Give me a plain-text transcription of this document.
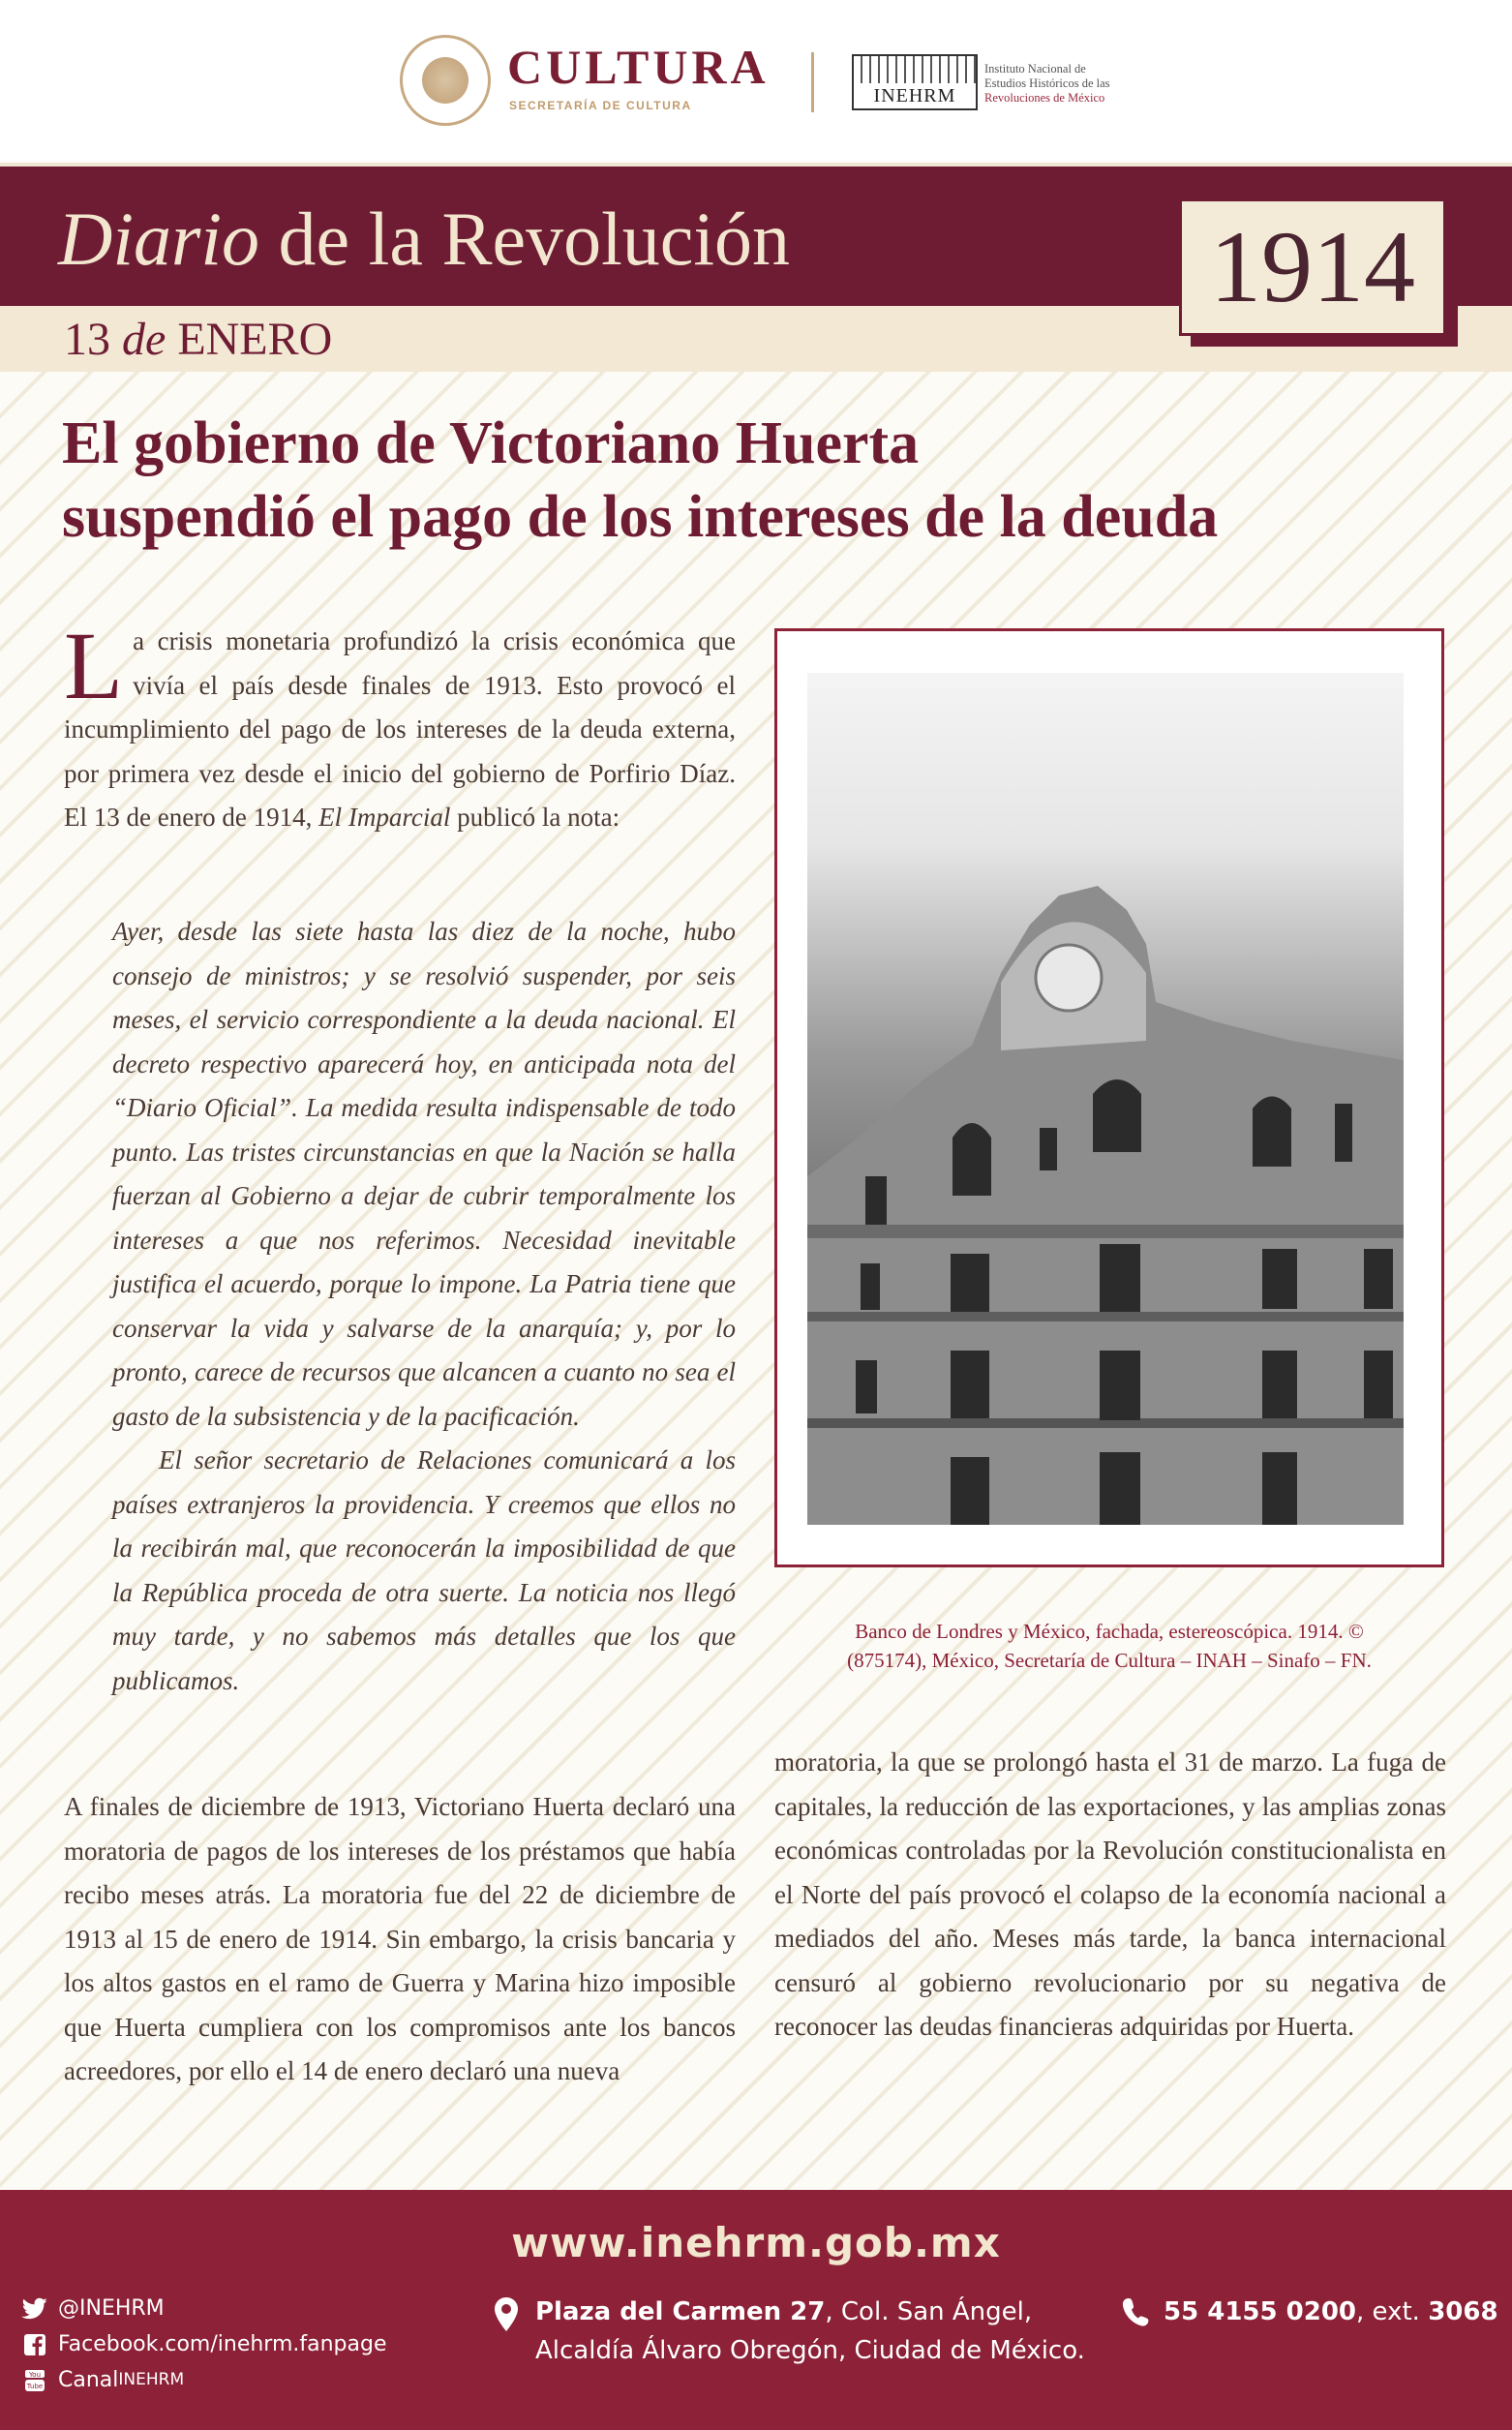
CULTURA
SECRETARÍA DE CULTURA	INEHRM
Instituto Nacional de
Estudios Históricos de las
Revoluciones de México
Diario de la Revolución
13 de ENERO
1914
El gobierno de Victoriano Huerta
suspendió el pago de los intereses de la deuda
La crisis monetaria profundizó la crisis económica que vivía el país desde finales de 1913. Esto provocó el incumplimiento del pago de los intereses de la deuda externa, por primera vez desde el inicio del gobierno de Porfirio Díaz. El 13 de enero de 1914, El Imparcial publicó la nota:

Ayer, desde las siete hasta las diez de la noche, hubo consejo de ministros; y se resolvió suspender, por seis meses, el servicio correspondiente a la deuda nacional. El decreto respectivo aparecerá hoy, en anticipada nota del “Diario Oficial”. La medida resulta indispensable de todo punto. Las tristes circunstancias en que la Nación se halla fuerzan al Gobierno a dejar de cubrir temporalmente los intereses a que nos referimos. Necesidad inevitable justifica el acuerdo, porque lo impone. La Patria tiene que conservar la vida y salvarse de la anarquía; y, por lo pronto, carece de recursos que alcancen a cuanto no sea el gasto de la subsistencia y de la pacificación.

El señor secretario de Relaciones comunicará a los países extranjeros la providencia. Y creemos que ellos no la recibirán mal, que reconocerán la imposibilidad de que la República proceda de otra suerte. La noticia nos llegó muy tarde, y no sabemos más detalles que los que publicamos.

A finales de diciembre de 1913, Victoriano Huerta declaró una moratoria de pagos de los intereses de los préstamos que había recibo meses atrás. La moratoria fue del 22 de diciembre de 1913 al 15 de enero de 1914. Sin embargo, la crisis bancaria y los altos gastos en el ramo de Guerra y Marina hizo imposible que Huerta cumpliera con los compromisos ante los bancos acreedores, por ello el 14 de enero declaró una nueva
Banco de Londres y México, fachada, estereoscópica. 1914. ©
(875174), México, Secretaría de Cultura – INAH – Sinafo – FN.
moratoria, la que se prolongó hasta el 31 de marzo. La fuga de capitales, la reducción de las exportaciones, y las amplias zonas económicas controladas por la Revolución constitucionalista en el Norte del país provocó el colapso de la economía nacional a mediados del año. Meses más tarde, la banca internacional censuró al gobierno revolucionario por su negativa de reconocer las deudas financieras adquiridas por Huerta.
www.inehrm.gob.mx
@INEHRM
Facebook.com/inehrm.fanpage
You
Tube Canal INEHRM
Plaza del Carmen 27, Col. San Ángel,
Alcaldía Álvaro Obregón, Ciudad de México.
55 4155 0200, ext. 3068
